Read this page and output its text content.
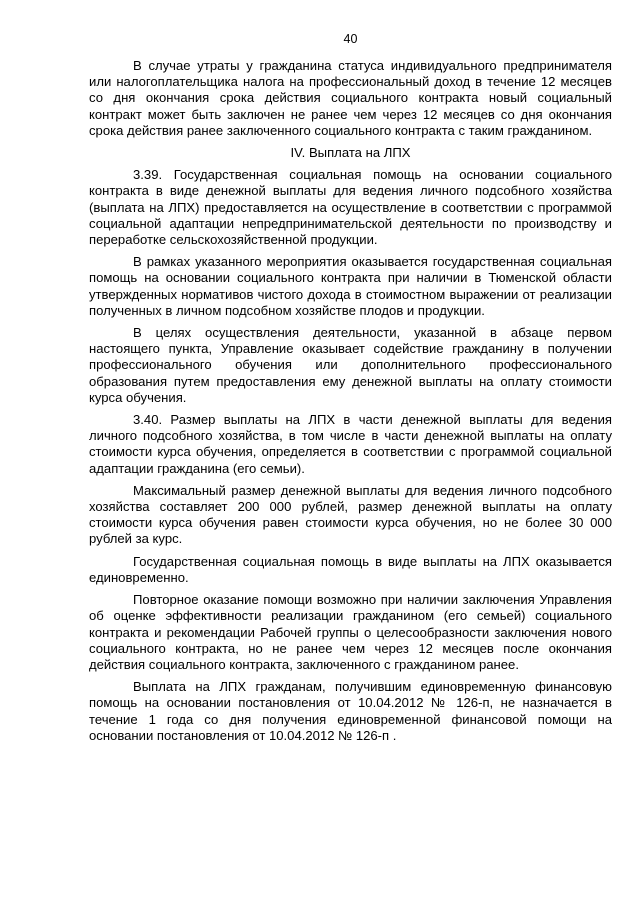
40

В случае утраты у гражданина статуса индивидуального предпринимателя или налогоплательщика налога на профессиональный доход в течение 12 месяцев со дня окончания срока действия социального контракта новый социальный контракт может быть заключен не ранее чем через 12 месяцев со дня окончания срока действия ранее заключенного социального контракта с таким гражданином.

IV. Выплата на ЛПХ

3.39. Государственная социальная помощь на основании социального контракта в виде денежной выплаты для ведения личного подсобного хозяйства (выплата на ЛПХ) предоставляется на осуществление в соответствии с программой социальной адаптации непредпринимательской деятельности по производству и переработке сельскохозяйственной продукции.

В рамках указанного мероприятия оказывается государственная социальная помощь на основании социального контракта при наличии в Тюменской области утвержденных нормативов чистого дохода в стоимостном выражении от реализации полученных в личном подсобном хозяйстве плодов и продукции.

В целях осуществления деятельности, указанной в абзаце первом настоящего пункта, Управление оказывает содействие гражданину в получении профессионального обучения или дополнительного профессионального образования путем предоставления ему денежной выплаты на оплату стоимости курса обучения.

3.40. Размер выплаты на ЛПХ в части денежной выплаты для ведения личного подсобного хозяйства, в том числе в части денежной выплаты на оплату стоимости курса обучения, определяется в соответствии с программой социальной адаптации гражданина (его семьи).

Максимальный размер денежной выплаты для ведения личного подсобного хозяйства составляет 200 000 рублей, размер денежной выплаты на оплату стоимости курса обучения равен стоимости курса обучения, но не более 30 000 рублей за курс.

Государственная социальная помощь в виде выплаты на ЛПХ оказывается единовременно.

Повторное оказание помощи возможно при наличии заключения Управления об оценке эффективности реализации гражданином (его семьей) социального контракта и рекомендации Рабочей группы о целесообразности заключения нового социального контракта, но не ранее чем через 12 месяцев после окончания действия социального контракта, заключенного с гражданином ранее.

Выплата на ЛПХ гражданам, получившим единовременную финансовую помощь на основании постановления от 10.04.2012 № 126-п, не назначается в течение 1 года со дня получения единовременной финансовой помощи на основании постановления от 10.04.2012 № 126-п .
